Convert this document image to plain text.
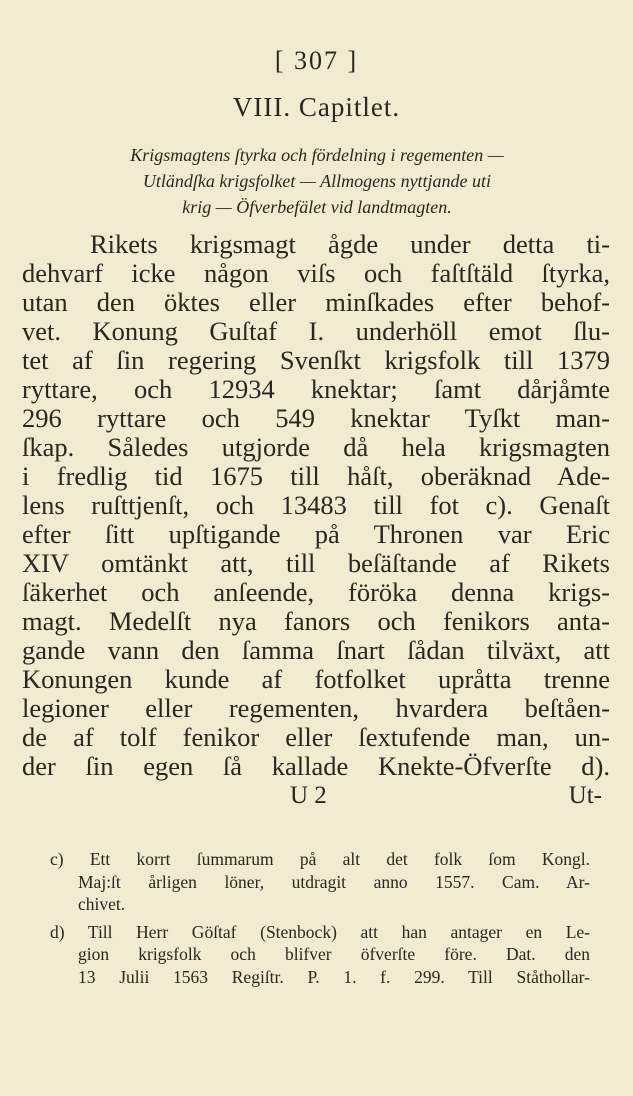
[ 307 ]
VIII. Capitlet.
Krigsmagtens ſtyrka och fördelning i regementen —
Utländſka krigsfolket — Allmogens nyttjande uti
krig — Öfverbefälet vid landtmagten.
Rikets krigsmagt ågde under detta ti-
dehvarf icke någon viſs och faſtſtäld ſtyrka,
utan den öktes eller minſkades efter behof-
vet. Konung Guſtaf I. underhöll emot ſlu-
tet af ſin regering Svenſkt krigsfolk till 1379
ryttare, och 12934 knektar; ſamt dårjåmte
296 ryttare och 549 knektar Tyſkt man-
ſkap. Således utgjorde då hela krigsmagten
i fredlig tid 1675 till håſt, oberäknad Ade-
lens ruſttjenſt, och 13483 till fot c). Genaſt
efter ſitt upſtigande på Thronen var Eric
XIV omtänkt att, till beſäſtande af Rikets
ſäkerhet och anſeende, föröka denna krigs-
magt. Medelſt nya fanors och fenikors anta-
gande vann den ſamma ſnart ſådan tilväxt, att
Konungen kunde af fotfolket upråtta trenne
legioner eller regementen, hvardera beſtåen-
de af tolf fenikor eller ſextufende man, un-
der ſin egen ſå kallade Knekte-Öfverſte d).
U 2	Ut-
c) Ett korrt ſummarum på alt det folk ſom Kongl.
Maj:ſt årligen löner, utdragit anno 1557. Cam. Ar-
chivet.
d) Till Herr Göſtaf (Stenbock) att han antager en Le-
gion krigsfolk och blifver öfverſte före. Dat. den
13 Julii 1563 Regiſtr. P. 1. f. 299. Till Ståthollar-
